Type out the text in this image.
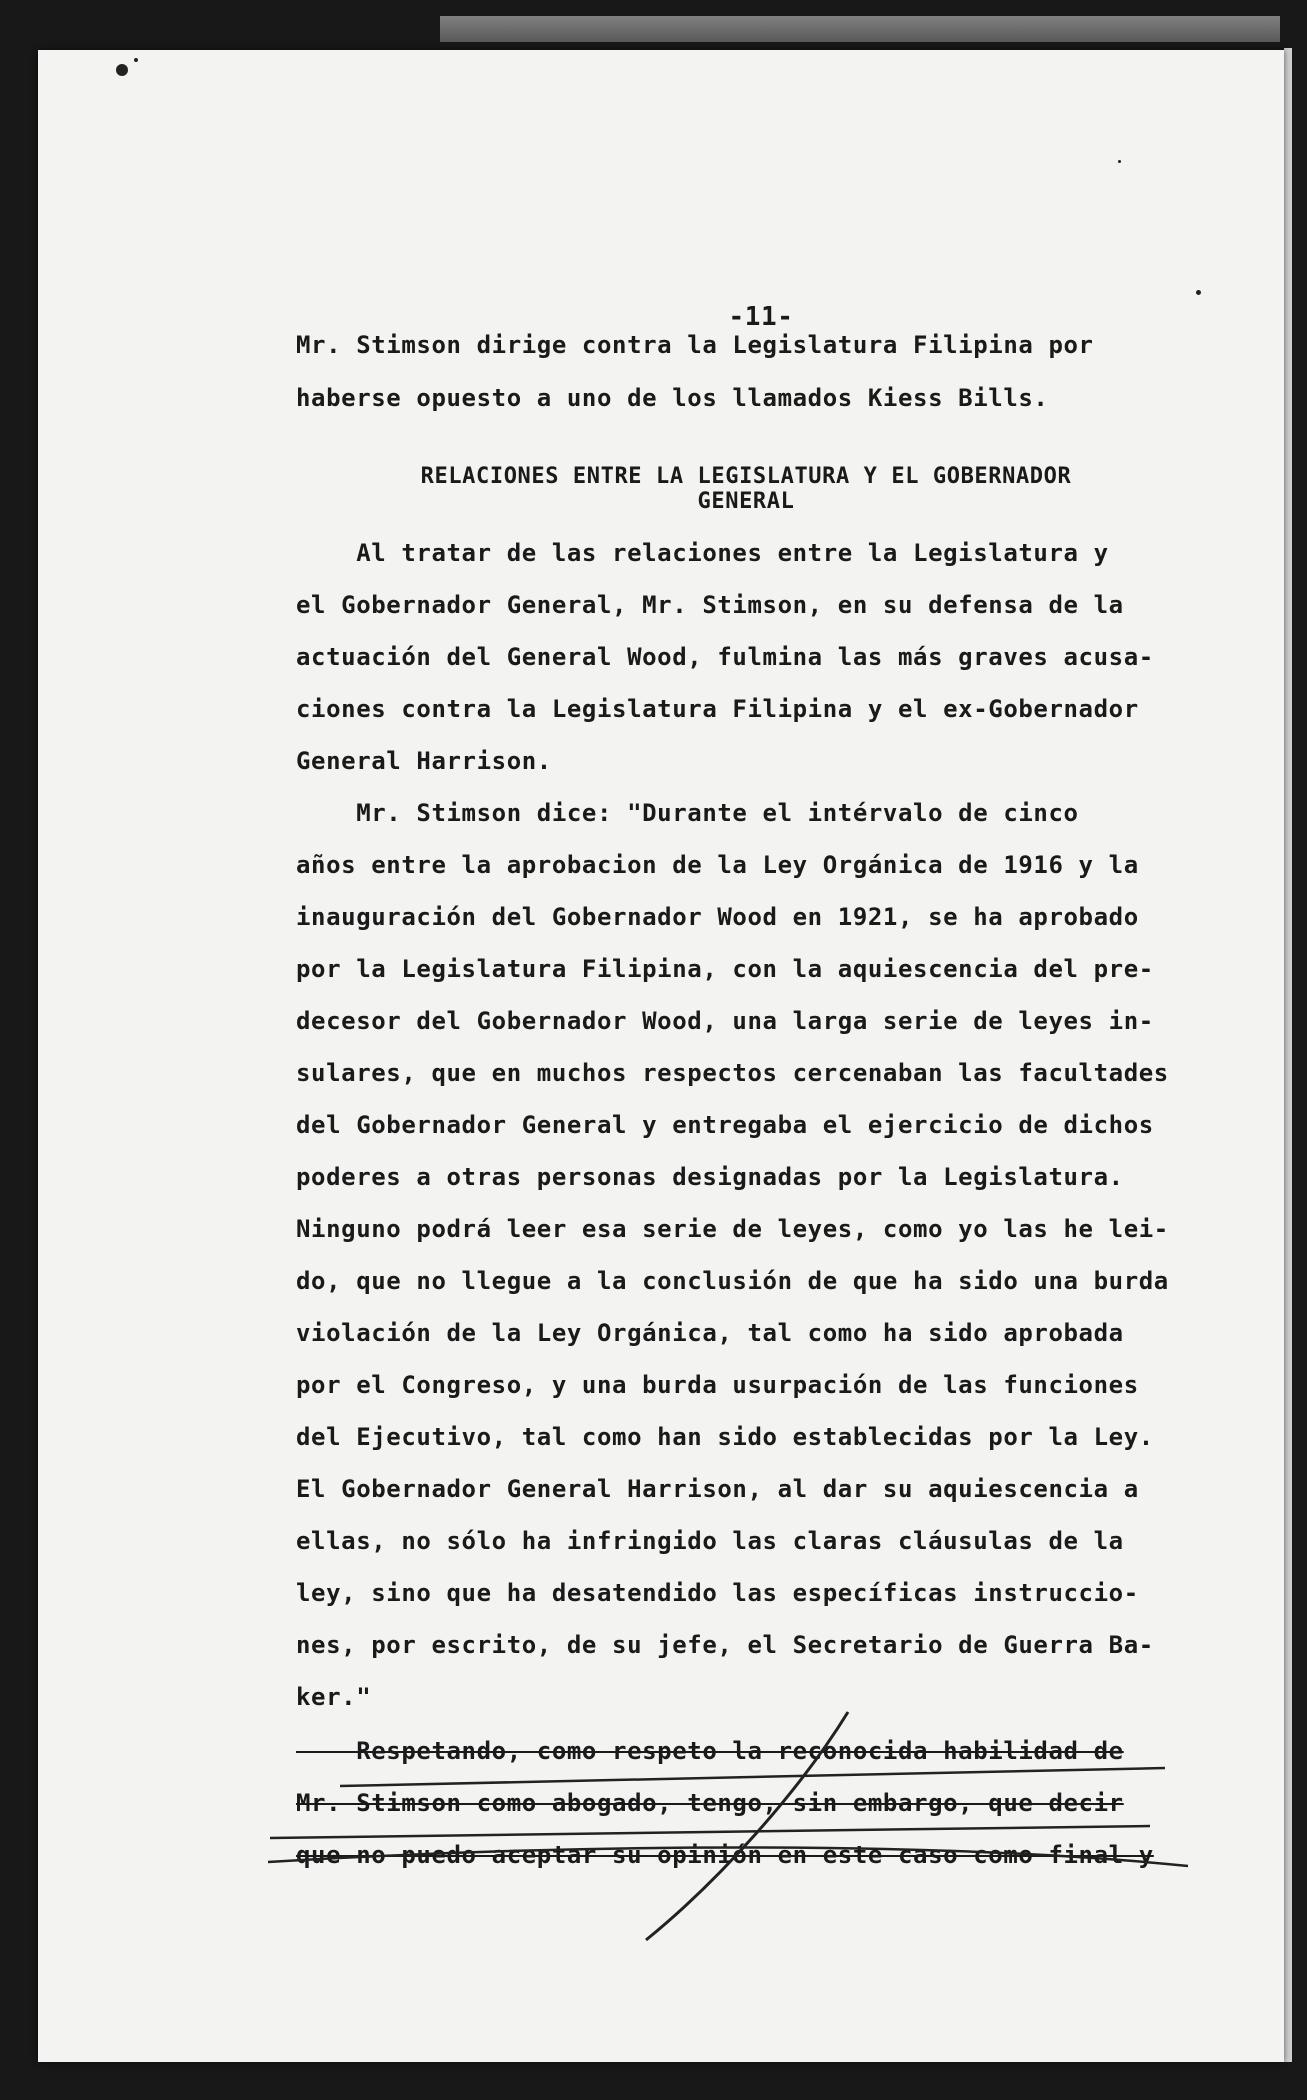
-11-
Mr. Stimson dirige contra la Legislatura Filipina por
haberse opuesto a uno de los llamados Kiess Bills.
RELACIONES ENTRE LA LEGISLATURA Y EL GOBERNADOR
GENERAL
Al tratar de las relaciones entre la Legislatura y
el Gobernador General, Mr. Stimson, en su defensa de la
actuación del General Wood, fulmina las más graves acusa-
ciones contra la Legislatura Filipina y el ex-Gobernador
General Harrison.
Mr. Stimson dice: "Durante el intérvalo de cinco
años entre la aprobacion de la Ley Orgánica de 1916 y la
inauguración del Gobernador Wood en 1921, se ha aprobado
por la Legislatura Filipina, con la aquiescencia del pre-
decesor del Gobernador Wood, una larga serie de leyes in-
sulares, que en muchos respectos cercenaban las facultades
del Gobernador General y entregaba el ejercicio de dichos
poderes a otras personas designadas por la Legislatura.
Ninguno podrá leer esa serie de leyes, como yo las he lei-
do, que no llegue a la conclusión de que ha sido una burda
violación de la Ley Orgánica, tal como ha sido aprobada
por el Congreso, y una burda usurpación de las funciones
del Ejecutivo, tal como han sido establecidas por la Ley.
El Gobernador General Harrison, al dar su aquiescencia a
ellas, no sólo ha infringido las claras cláusulas de la
ley, sino que ha desatendido las específicas instruccio-
nes, por escrito, de su jefe, el Secretario de Guerra Ba-
ker."
Respetando, como respeto la reconocida habilidad de
Mr. Stimson como abogado, tengo, sin embargo, que decir
que no puedo aceptar su opinión en este caso como final y
